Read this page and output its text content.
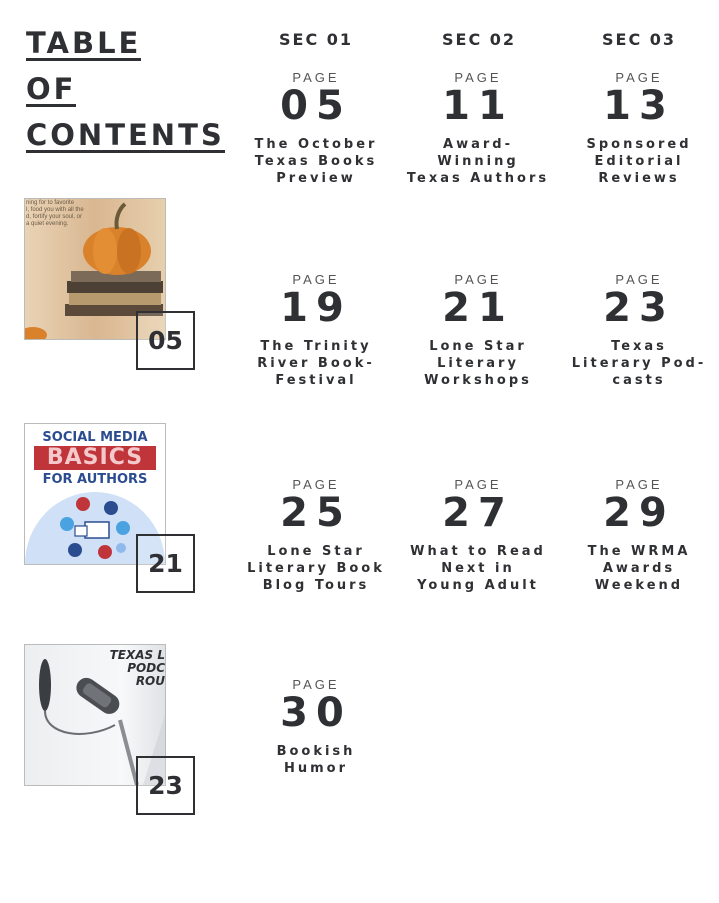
TABLE
OF
CONTENTS
SEC 01	SEC 02	SEC 03
PAGE
05
The October
Texas Books
Preview
PAGE
11
Award-
Winning
Texas Authors
PAGE
13
Sponsored
Editorial
Reviews
PAGE
19
The Trinity
River Book-
Festival
PAGE
21
Lone Star
Literary
Workshops
PAGE
23
Texas
Literary Pod-
casts
PAGE
25
Lone Star
Literary Book
Blog Tours
PAGE
27
What to Read
Next in
Young Adult
PAGE
29
The WRMA
Awards
Weekend
PAGE
30
Bookish
Humor
ning for to favorite
l, food you with all the
d, fortify your soul, or
a quiet evening.
05
SOCIAL MEDIA
BASICS
FOR AUTHORS
21
TEXAS L
PODC
ROU
23
